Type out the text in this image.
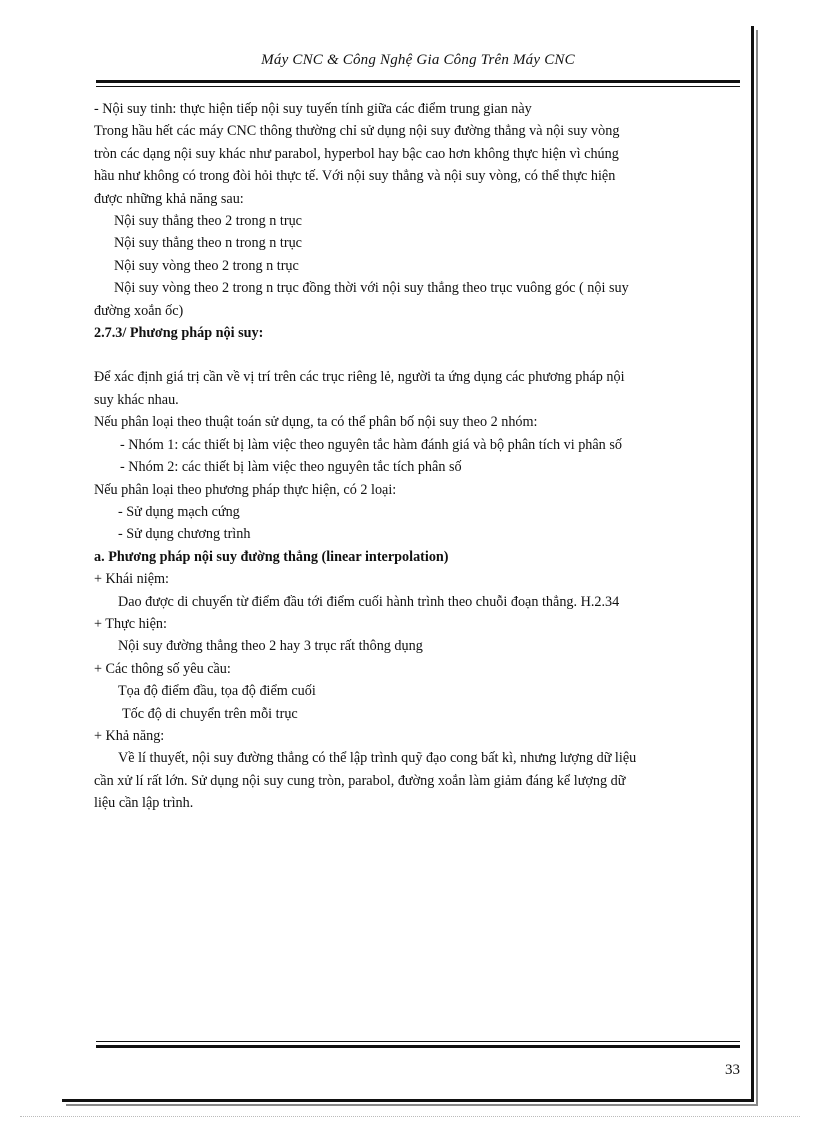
Máy CNC & Công Nghệ Gia Công Trên Máy CNC

- Nội suy tinh: thực hiện tiếp nội suy tuyến tính giữa các điểm trung gian này

Trong hầu hết các máy CNC thông thường chỉ sử dụng nội suy đường thẳng và nội suy vòng

tròn các dạng nội suy khác như parabol, hyperbol hay bậc cao hơn không thực hiện vì chúng

hầu như không có trong đòi hỏi thực tế. Với nội suy thẳng và nội suy vòng, có thể thực hiện

được những khả năng sau:

Nội suy thẳng theo 2 trong n trục

Nội suy thẳng theo n trong n trục

Nội suy vòng theo 2 trong n trục

Nội suy vòng theo 2 trong n trục đồng thời với nội suy thẳng theo trục vuông góc ( nội suy

đường xoắn ốc)

2.7.3/ Phương pháp nội suy:

Để xác định giá trị cần về vị trí trên các trục riêng lẻ, người ta ứng dụng các phương pháp nội

suy khác nhau.

Nếu phân loại theo thuật toán sử dụng, ta có thể phân bố nội suy theo 2 nhóm:

- Nhóm 1: các thiết bị làm việc theo nguyên tắc hàm đánh giá và bộ phân tích vi phân số

- Nhóm 2: các thiết bị làm việc theo nguyên tắc tích phân số

Nếu phân loại theo phương pháp thực hiện, có 2 loại:

- Sử dụng mạch cứng

- Sử dụng chương trình

a. Phương pháp nội suy đường thẳng (linear interpolation)

+ Khái niệm:

Dao được di chuyển từ điểm đầu tới điểm cuối hành trình theo chuỗi đoạn thẳng. H.2.34

+ Thực hiện:

Nội suy đường thẳng theo 2 hay 3 trục rất thông dụng

+ Các thông số yêu cầu:

Tọa độ điểm đầu, tọa độ điểm cuối

Tốc độ di chuyển trên mỗi trục

+ Khả năng:

Về lí thuyết, nội suy đường thẳng có thể lập trình quỹ đạo cong bất kì, nhưng lượng dữ liệu

cần xử lí rất lớn. Sử dụng nội suy cung tròn, parabol, đường xoắn làm giảm đáng kể lượng dữ

liệu cần lập trình.

33
